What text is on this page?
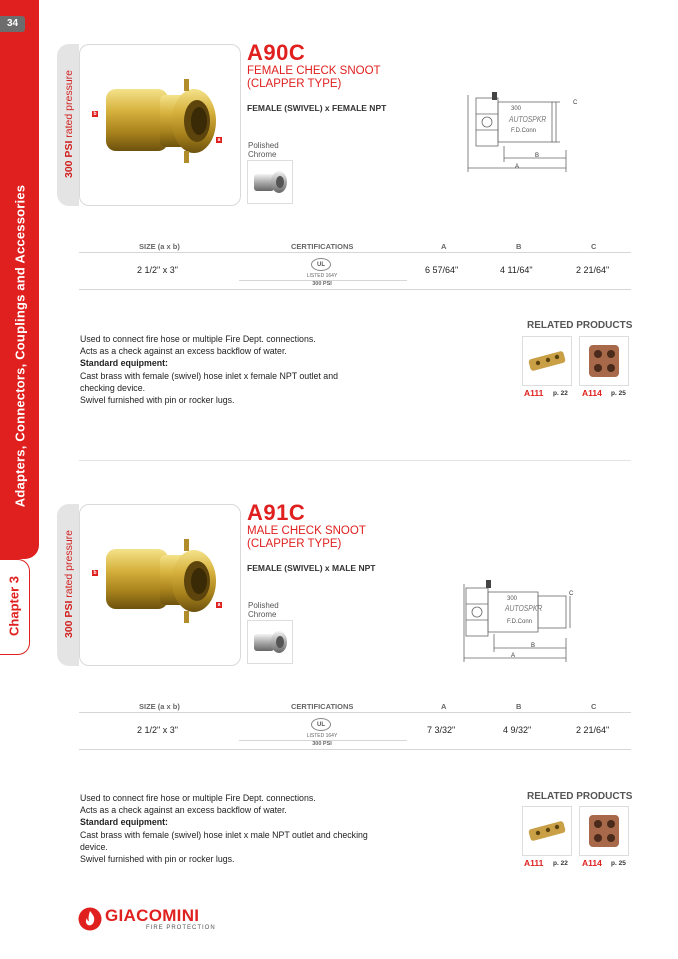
34
Adapters, Connectors, Couplings and Accessories
Chapter 3
300 PSI rated pressure	b
a
A90C
FEMALE CHECK SNOOT
(CLAPPER TYPE)
FEMALE (SWIVEL) x FEMALE NPT
Polished
Chrome
300
AUTOSPKR
F.D.Conn
C
B
A
SIZE (a x b)	CERTIFICATIONS	A	B	C
2 1/2" x 3"	UL
LISTED 164Y
300 PSI
6 57/64"	4 11/64"	2 21/64"
Used to connect fire hose or multiple Fire Dept. connections.
Acts as a check against an excess backflow of water.
Standard equipment:
Cast brass with female (swivel) hose inlet x female NPT outlet and
checking device.
Swivel furnished with pin or rocker lugs.
RELATED PRODUCTS
A111 p. 22 A114 p. 25
300 PSI rated pressure	b
a
A91C
MALE CHECK SNOOT
(CLAPPER TYPE)
FEMALE (SWIVEL) x MALE NPT
Polished
Chrome
300
AUTOSPKR
F.D.Conn
C
B
A
SIZE (a x b)	CERTIFICATIONS	A	B	C
2 1/2" x 3"	UL
LISTED 164Y
300 PSI
7 3/32"	4 9/32"	2 21/64"
Used to connect fire hose or multiple Fire Dept. connections.
Acts as a check against an excess backflow of water.
Standard equipment:
Cast brass with female (swivel) hose inlet x male NPT outlet and checking
device.
Swivel furnished with pin or rocker lugs.
RELATED PRODUCTS
A111 p. 22 A114 p. 25
GIACOMINI
FIRE PROTECTION
